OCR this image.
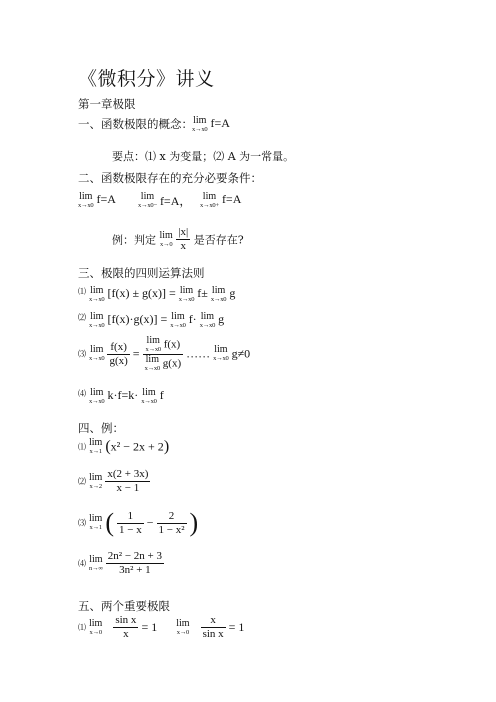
《微积分》讲义
第一章极限
一、函数极限的概念： lim
x→x0 f=A
要点：⑴ x 为变量；⑵ A 为一常量。
二、函数极限存在的充分必要条件：
lim
x→x0 f=A lim
x→x0− f=A， lim
x→x0+ f=A
例：判定 lim
x→0
$\frac{|x|}{x}$ 是否存在?
三、极限的四则运算法则
⑴ lim
x→x0 [f(x) ± g(x)] = lim
x→x0 f± lim
x→x0 g
⑵ lim
x→x0 [f(x)·g(x)] = lim
x→x0 f· lim
x→x0 g
⑶ lim
x→x0
$\frac{f(x)}{g(x)} = \lim$
x→x0 f(x)
lim
x→x0 g(x) …… lim
x→x0 g≠0
⑷ lim
x→x0 k·f=k· lim
x→x0 f
四、例：
⑴ lim
x→1 (x² − 2x + 2)
⑵ lim
x→2
$\frac{x(2 + 3x)}{x - 1}$
⑶ lim
x→1 ( $\frac{1}{1 - x} - \frac{2}{\text{1 − x²}}$ )
⑷ lim
n→∞
$\frac{\text{2n² − 2n + 3}}{\text{3n² + 1}}$
五、两个重要极限
⑴ lim
x→0
$\frac{\text{sin x}}{x} = 1$ lim
x→0
$\frac{x}{\text{sin x}} = 1$
